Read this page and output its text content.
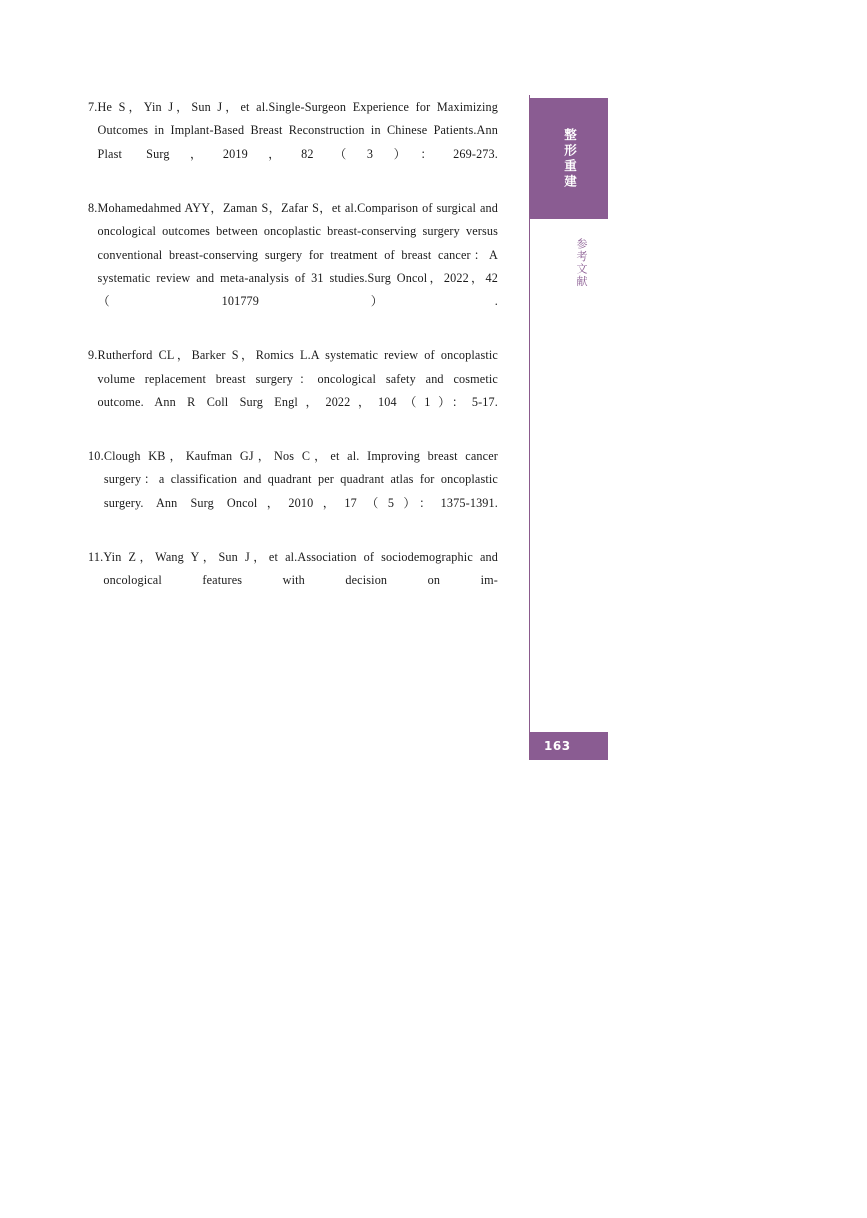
7. He S，Yin J，Sun J，et al.Single-Surgeon Experience for Maximizing Outcomes in Implant-Based Breast Reconstruction in Chinese Patients.Ann Plast Surg，2019，82（3）：269-273.
8. Mohamedahmed AYY，Zaman S，Zafar S，et al.Comparison of surgical and oncological outcomes between oncoplastic breast-conserving surgery versus conventional breast-conserving surgery for treatment of breast cancer：A systematic review and meta-analysis of 31 studies.Surg Oncol，2022，42（101779）.
9. Rutherford CL，Barker S，Romics L.A systematic review of oncoplastic volume replacement breast surgery：oncological safety and cosmetic outcome. Ann R Coll Surg Engl，2022，104（1）：5-17.
10. Clough KB，Kaufman GJ，Nos C，et al. Improving breast cancer surgery：a classification and quadrant per quadrant atlas for oncoplastic surgery. Ann Surg Oncol，2010，17（5）：1375-1391.
11. Yin Z，Wang Y，Sun J，et al.Association of sociodemographic and oncological features with decision on im-
整形重建
参考文献
163
